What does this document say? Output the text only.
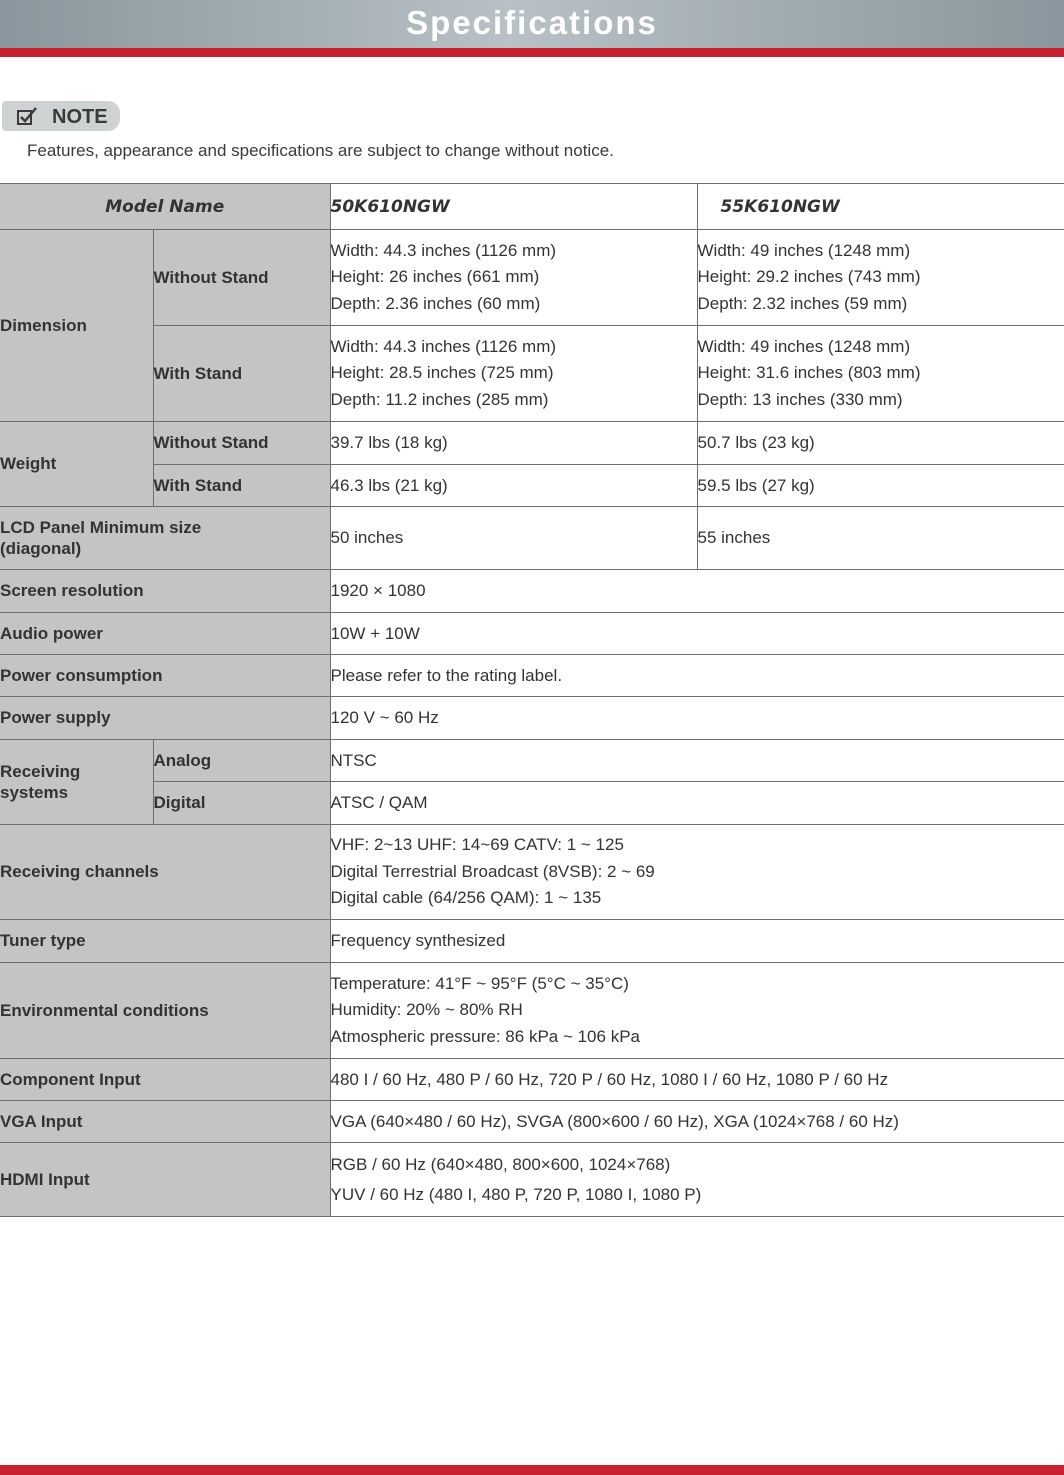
Specifications
NOTE
Features, appearance and specifications are subject to change without notice.
Model Name		50K610NGW	55K610NGW
Dimension	Without Stand	Width: 44.3 inches (1126 mm)
Height: 26 inches (661 mm)
Depth: 2.36 inches (60 mm)	Width: 49 inches (1248 mm)
Height: 29.2 inches (743 mm)
Depth: 2.32 inches (59 mm)

	With Stand	Width: 44.3 inches (1126 mm)
Height: 28.5 inches (725 mm)
Depth: 11.2 inches (285 mm)	Width: 49 inches (1248 mm)
Height: 31.6 inches (803 mm)
Depth: 13 inches (330 mm)

Weight	Without Stand	39.7 lbs (18 kg)	50.7 lbs (23 kg)
	With Stand	46.3 lbs (21 kg)	59.5 lbs (27 kg)

LCD Panel Minimum size
(diagonal)		50 inches	55 inches
Screen resolution		1920 × 1080	
Audio power		10W + 10W	
Power consumption		Please refer to the rating label.	
Power supply		120 V ~ 60 Hz	

Receiving
systems	Analog	NTSC	
	Digital	ATSC / QAM	
Receiving channels		VHF: 2~13 UHF: 14~69 CATV: 1 ~ 125
Digital Terrestrial Broadcast (8VSB): 2 ~ 69
Digital cable (64/256 QAM): 1 ~ 135	

Tuner type		Frequency synthesized	
Environmental conditions		Temperature: 41°F ~ 95°F (5°C ~ 35°C)
Humidity: 20% ~ 80% RH
Atmospheric pressure: 86 kPa ~ 106 kPa	

Component Input		480 I / 60 Hz, 480 P / 60 Hz, 720 P / 60 Hz, 1080 I / 60 Hz, 1080 P / 60 Hz	
VGA Input		VGA (640×480 / 60 Hz), SVGA (800×600 / 60 Hz), XGA (1024×768 / 60 Hz)	
HDMI Input		RGB / 60 Hz (640×480, 800×600, 1024×768)
YUV / 60 Hz (480 I, 480 P, 720 P, 1080 I, 1080 P)	
